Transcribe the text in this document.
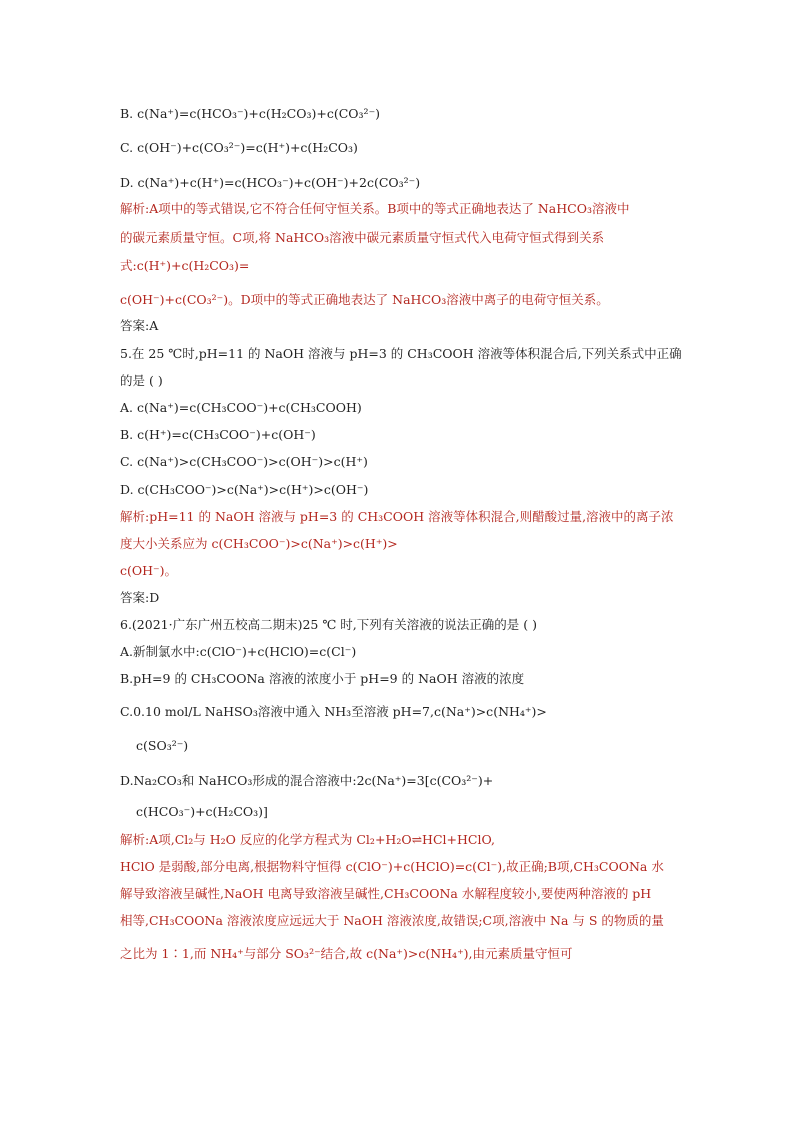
B. c(Na⁺)=c(HCO₃⁻)+c(H₂CO₃)+c(CO₃²⁻)
C. c(OH⁻)+c(CO₃²⁻)=c(H⁺)+c(H₂CO₃)
D. c(Na⁺)+c(H⁺)=c(HCO₃⁻)+c(OH⁻)+2c(CO₃²⁻)
解析:A项中的等式错误,它不符合任何守恒关系。B项中的等式正确地表达了 NaHCO₃溶液中
的碳元素质量守恒。C项,将 NaHCO₃溶液中碳元素质量守恒式代入电荷守恒式得到关系
式:c(H⁺)+c(H₂CO₃)=
c(OH⁻)+c(CO₃²⁻)。D项中的等式正确地表达了 NaHCO₃溶液中离子的电荷守恒关系。
答案:A
5.在 25 ℃时,pH=11 的 NaOH 溶液与 pH=3 的 CH₃COOH 溶液等体积混合后,下列关系式中正确
的是 ( )
A. c(Na⁺)=c(CH₃COO⁻)+c(CH₃COOH)
B. c(H⁺)=c(CH₃COO⁻)+c(OH⁻)
C. c(Na⁺)>c(CH₃COO⁻)>c(OH⁻)>c(H⁺)
D. c(CH₃COO⁻)>c(Na⁺)>c(H⁺)>c(OH⁻)
解析:pH=11 的 NaOH 溶液与 pH=3 的 CH₃COOH 溶液等体积混合,则醋酸过量,溶液中的离子浓
度大小关系应为 c(CH₃COO⁻)>c(Na⁺)>c(H⁺)>
c(OH⁻)。
答案:D
6.(2021·广东广州五校高二期末)25 ℃ 时,下列有关溶液的说法正确的是 ( )
A.新制氯水中:c(ClO⁻)+c(HClO)=c(Cl⁻)
B.pH=9 的 CH₃COONa 溶液的浓度小于 pH=9 的 NaOH 溶液的浓度
C.0.10 mol/L NaHSO₃溶液中通入 NH₃至溶液 pH=7,c(Na⁺)>c(NH₄⁺)>
c(SO₃²⁻)
D.Na₂CO₃和 NaHCO₃形成的混合溶液中:2c(Na⁺)=3[c(CO₃²⁻)+
c(HCO₃⁻)+c(H₂CO₃)]
解析:A项,Cl₂与 H₂O 反应的化学方程式为 Cl₂+H₂O⇌HCl+HClO,
HClO 是弱酸,部分电离,根据物料守恒得 c(ClO⁻)+c(HClO)=c(Cl⁻),故正确;B项,CH₃COONa 水
解导致溶液呈碱性,NaOH 电离导致溶液呈碱性,CH₃COONa 水解程度较小,要使两种溶液的 pH
相等,CH₃COONa 溶液浓度应远远大于 NaOH 溶液浓度,故错误;C项,溶液中 Na 与 S 的物质的量
之比为 1∶1,而 NH₄⁺与部分 SO₃²⁻结合,故 c(Na⁺)>c(NH₄⁺),由元素质量守恒可
